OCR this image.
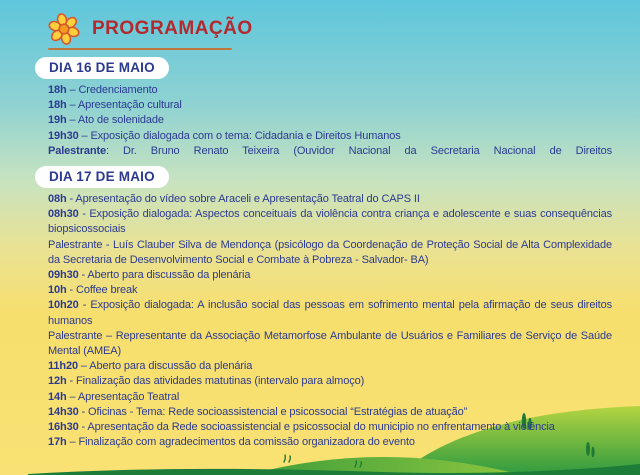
PROGRAMAÇÃO
DIA 16 DE MAIO

18h – Credenciamento

18h – Apresentação cultural

19h – Ato de solenidade

19h30 – Exposição dialogada com o tema: Cidadania e Direitos Humanos

Palestrante: Dr. Bruno Renato Teixeira (Ouvidor Nacional da Secretaria Nacional de Direitos

DIA 17 DE MAIO

08h - Apresentação do vídeo sobre Araceli e Apresentação Teatral do CAPS II

08h30 - Exposição dialogada: Aspectos conceituais da violência contra criança e adolescente e suas consequências biopsicossociais

Palestrante - Luís Clauber Silva de Mendonça (psicólogo da Coordenação de Proteção Social de Alta Complexidade da Secretaria de Desenvolvimento Social e Combate à Pobreza - Salvador- BA)

09h30 - Aberto para discussão da plenária

10h - Coffee break

10h20 - Exposição dialogada: A inclusão social das pessoas em sofrimento mental pela afirmação de seus direitos humanos

Palestrante – Representante da Associação Metamorfose Ambulante de Usuários e Familiares de Serviço de Saúde Mental (AMEA)

11h20 – Aberto para discussão da plenária

12h - Finalização das atividades matutinas (intervalo para almoço)

14h – Apresentação Teatral

14h30 - Oficinas - Tema: Rede socioassistencial e psicossocial “Estratégias de atuação”

16h30 - Apresentação da Rede socioassistencial e psicossocial do municipio no enfrentamento à violência

17h – Finalização com agradecimentos da comissão organizadora do evento
